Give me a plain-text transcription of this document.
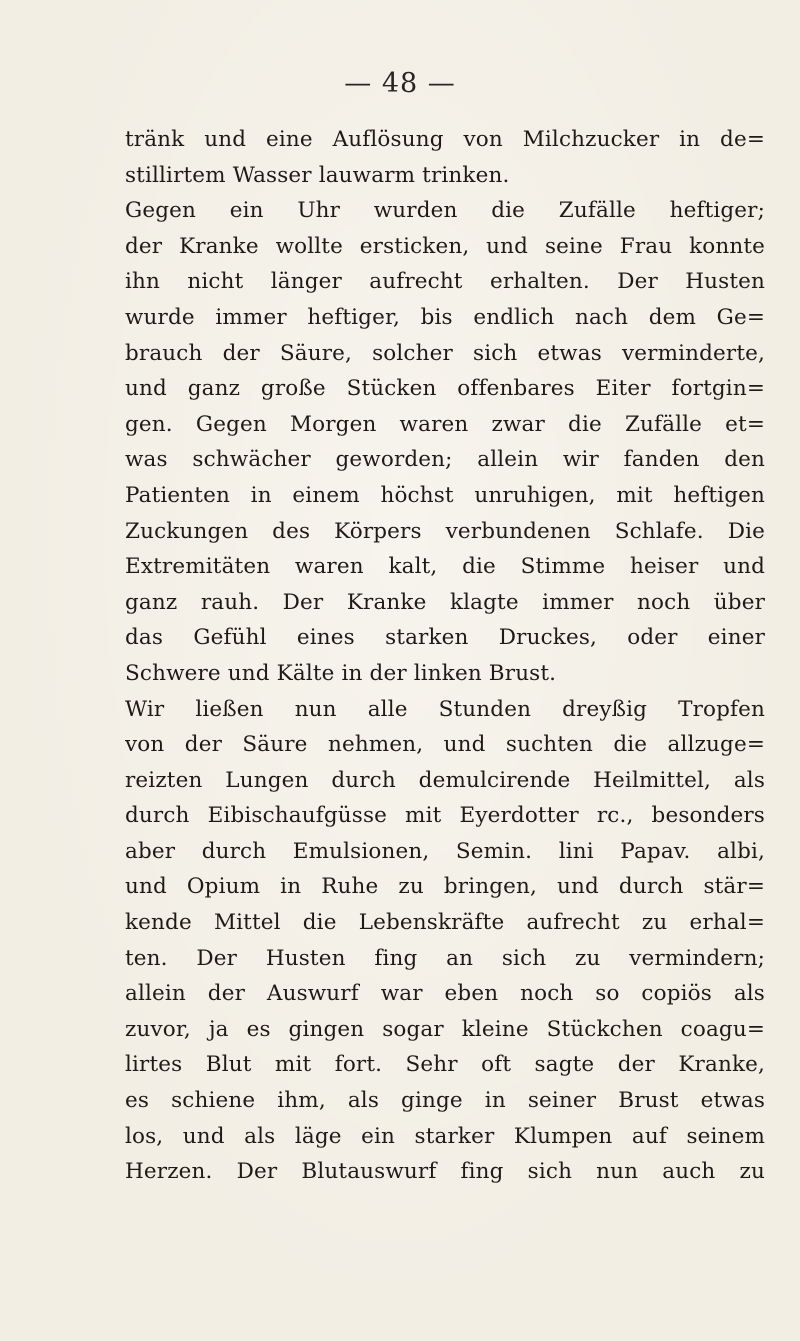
— 48 —
tränk und eine Auflösung von Milchzucker in de=
stillirtem Wasser lauwarm trinken.
Gegen ein Uhr wurden die Zufälle heftiger;
der Kranke wollte ersticken, und seine Frau konnte
ihn nicht länger aufrecht erhalten. Der Husten
wurde immer heftiger, bis endlich nach dem Ge=
brauch der Säure, solcher sich etwas verminderte,
und ganz große Stücken offenbares Eiter fortgin=
gen. Gegen Morgen waren zwar die Zufälle et=
was schwächer geworden; allein wir fanden den
Patienten in einem höchst unruhigen, mit heftigen
Zuckungen des Körpers verbundenen Schlafe. Die
Extremitäten waren kalt, die Stimme heiser und
ganz rauh. Der Kranke klagte immer noch über
das Gefühl eines starken Druckes, oder einer
Schwere und Kälte in der linken Brust.
Wir ließen nun alle Stunden dreyßig Tropfen
von der Säure nehmen, und suchten die allzuge=
reizten Lungen durch demulcirende Heilmittel, als
durch Eibischaufgüsse mit Eyerdotter rc., besonders
aber durch Emulsionen, Semin. lini Papav. albi,
und Opium in Ruhe zu bringen, und durch stär=
kende Mittel die Lebenskräfte aufrecht zu erhal=
ten. Der Husten fing an sich zu vermindern;
allein der Auswurf war eben noch so copiös als
zuvor, ja es gingen sogar kleine Stückchen coagu=
lirtes Blut mit fort. Sehr oft sagte der Kranke,
es schiene ihm, als ginge in seiner Brust etwas
los, und als läge ein starker Klumpen auf seinem
Herzen. Der Blutauswurf fing sich nun auch zu
